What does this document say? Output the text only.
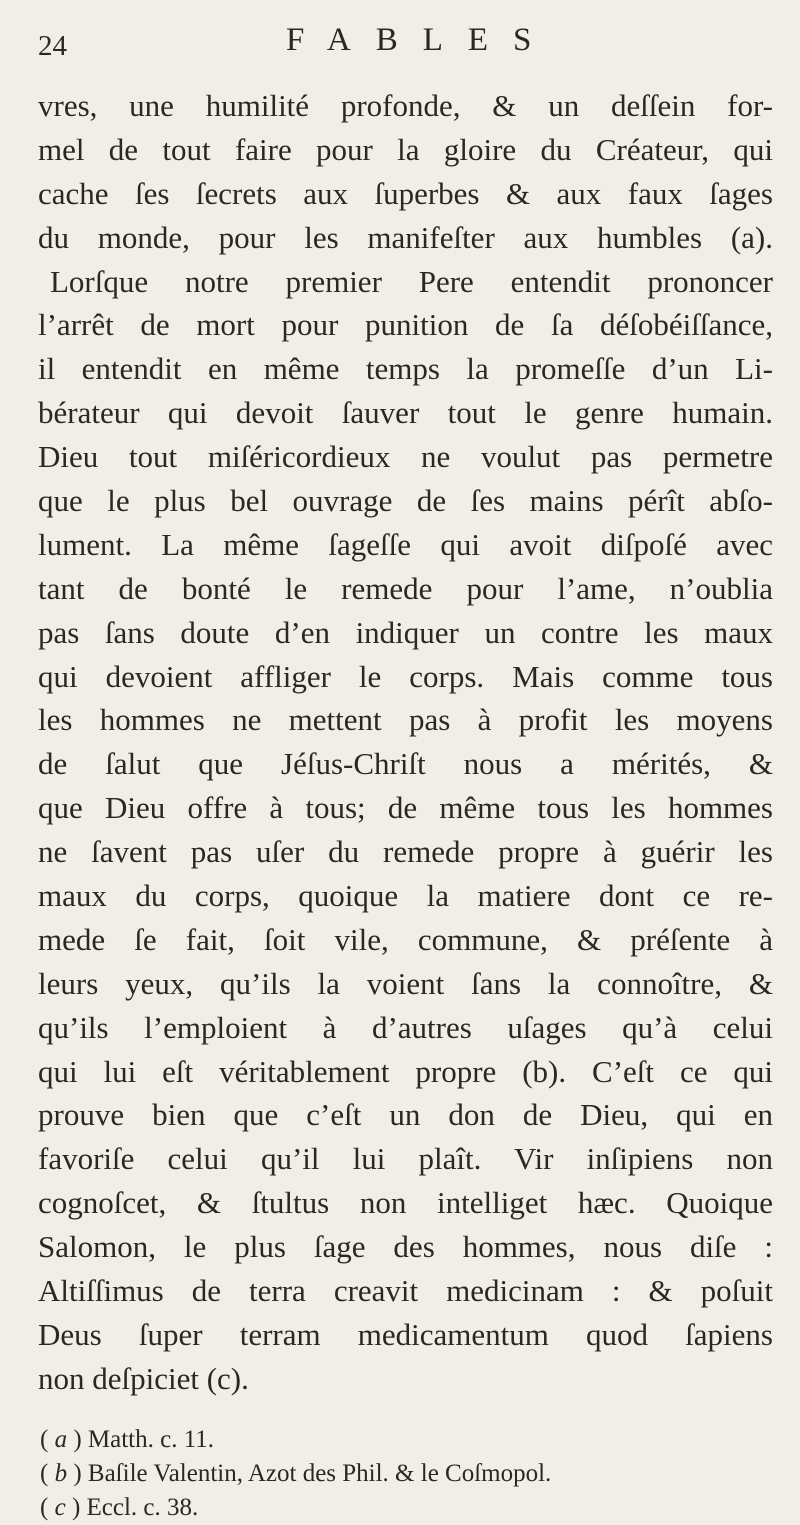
24	FABLES
vres, une humilité profonde, & un deſſein for-
mel de tout faire pour la gloire du Créateur, qui
cache ſes ſecrets aux ſuperbes & aux faux ſages
du monde, pour les manifeſter aux humbles (a).
Lorſque notre premier Pere entendit prononcer
l’arrêt de mort pour punition de ſa déſobéiſſance,
il entendit en même temps la promeſſe d’un Li-
bérateur qui devoit ſauver tout le genre humain.
Dieu tout miſéricordieux ne voulut pas permetre
que le plus bel ouvrage de ſes mains pérît abſo-
lument. La même ſageſſe qui avoit diſpoſé avec
tant de bonté le remede pour l’ame, n’oublia
pas ſans doute d’en indiquer un contre les maux
qui devoient affliger le corps. Mais comme tous
les hommes ne mettent pas à profit les moyens
de ſalut que Jéſus-Chriſt nous a mérités, &
que Dieu offre à tous; de même tous les hommes
ne ſavent pas uſer du remede propre à guérir les
maux du corps, quoique la matiere dont ce re-
mede ſe fait, ſoit vile, commune, & préſente à
leurs yeux, qu’ils la voient ſans la connoître, &
qu’ils l’emploient à d’autres uſages qu’à celui
qui lui eſt véritablement propre (b). C’eſt ce qui
prouve bien que c’eſt un don de Dieu, qui en
favoriſe celui qu’il lui plaît. Vir inſipiens non
cognoſcet, & ſtultus non intelliget hæc. Quoique
Salomon, le plus ſage des hommes, nous diſe :
Altiſſimus de terra creavit medicinam : & poſuit
Deus ſuper terram medicamentum quod ſapiens
non deſpiciet (c).
( a ) Matth. c. 11.
( b ) Baſile Valentin, Azot des Phil. & le Coſmopol.
( c ) Eccl. c. 38.
